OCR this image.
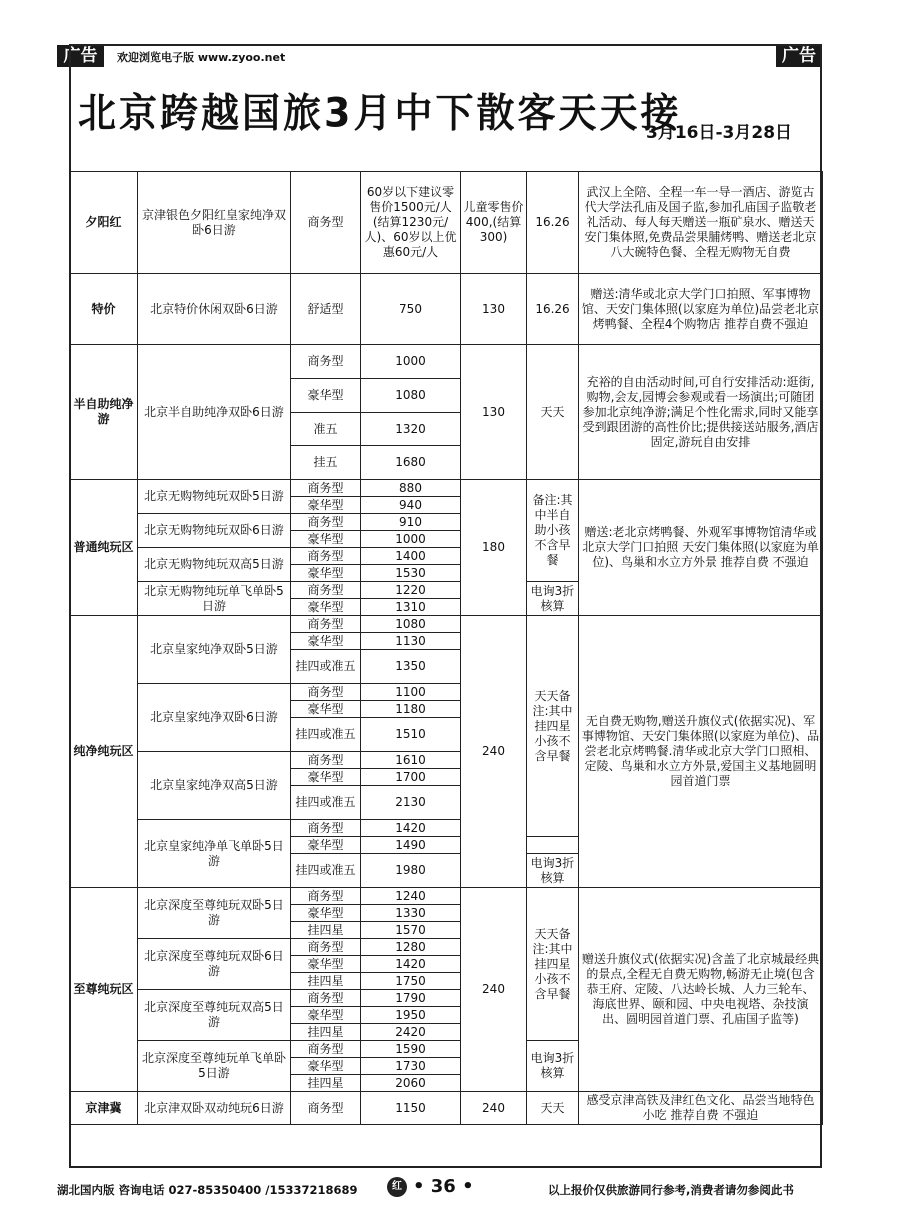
广告	欢迎浏览电子版 www.zyoo.net	广告
北京跨越国旅3月中下散客天天接
3月16日-3月28日
夕阳红	京津银色夕阳红皇家纯净双卧6日游	商务型	60岁以下建议零售价1500元/人(结算1230元/人)、60岁以上优惠60元/人	儿童零售价400,(结算300)	16.26	武汉上全陪、全程一车一导一酒店、游览古代大学法孔庙及国子监,参加孔庙国子监敬老礼活动、每人每天赠送一瓶矿泉水、赠送天安门集体照,免费品尝果脯烤鸭、赠送老北京八大碗特色餐、全程无购物无自费
特价	北京特价休闲双卧6日游	舒适型	750	130	16.26	赠送:清华或北京大学门口拍照、军事博物馆、天安门集体照(以家庭为单位)品尝老北京烤鸭餐、全程4个购物店 推荐自费不强迫
半自助纯净游	北京半自助纯净双卧6日游	商务型	1000	130	天天	充裕的自由活动时间,可自行安排活动:逛街,购物,会友,园博会参观或看一场演出;可随团参加北京纯净游;满足个性化需求,同时又能享受到跟团游的高性价比;提供接送站服务,酒店固定,游玩自由安排
		豪华型	1080			
		准五	1320			
		挂五	1680			
普通纯玩区	北京无购物纯玩双卧5日游	商务型	880	180	备注:其中半自助小孩不含早餐	赠送:老北京烤鸭餐、外观军事博物馆清华或北京大学门口拍照 天安门集体照(以家庭为单位)、鸟巢和水立方外景 推荐自费 不强迫
		豪华型	940			
	北京无购物纯玩双卧6日游	商务型	910			
		豪华型	1000			
	北京无购物纯玩双高5日游	商务型	1400			
		豪华型	1530			
	北京无购物纯玩单飞单卧5日游	商务型	1220		电询3折核算	
		豪华型	1310			
纯净纯玩区	北京皇家纯净双卧5日游	商务型	1080	240	天天备注:其中挂四星小孩不含早餐	无自费无购物,赠送升旗仪式(依据实况)、军事博物馆、天安门集体照(以家庭为单位)、品尝老北京烤鸭餐.清华或北京大学门口照相、定陵、鸟巢和水立方外景,爱国主义基地圆明园首道门票
		豪华型	1130			
		挂四或准五	1350			
	北京皇家纯净双卧6日游	商务型	1100			
		豪华型	1180			
		挂四或准五	1510			
	北京皇家纯净双高5日游	商务型	1610			
		豪华型	1700			
		挂四或准五	2130			
	北京皇家纯净单飞单卧5日游	商务型	1420			
		豪华型	1490			
		挂四或准五	1980		电询3折核算	
至尊纯玩区	北京深度至尊纯玩双卧5日游	商务型	1240	240	天天备注:其中挂四星小孩不含早餐	赠送升旗仪式(依据实况)含盖了北京城最经典的景点,全程无自费无购物,畅游无止境(包含恭王府、定陵、八达岭长城、人力三轮车、海底世界、颐和园、中央电视塔、杂技演出、圆明园首道门票、孔庙国子监等)
		豪华型	1330			
		挂四星	1570			
	北京深度至尊纯玩双卧6日游	商务型	1280			
		豪华型	1420			
		挂四星	1750			
	北京深度至尊纯玩双高5日游	商务型	1790			
		豪华型	1950			
		挂四星	2420			
	北京深度至尊纯玩单飞单卧5日游	商务型	1590		电询3折核算	
		豪华型	1730			
		挂四星	2060			
京津冀	北京津双卧双动纯玩6日游	商务型	1150	240	天天	感受京津高铁及津红色文化、品尝当地特色小吃 推荐自费 不强迫
湖北国内版 咨询电话 027-85350400 /15337218689	红 • 36 •	以上报价仅供旅游同行参考,消费者请勿参阅此书
